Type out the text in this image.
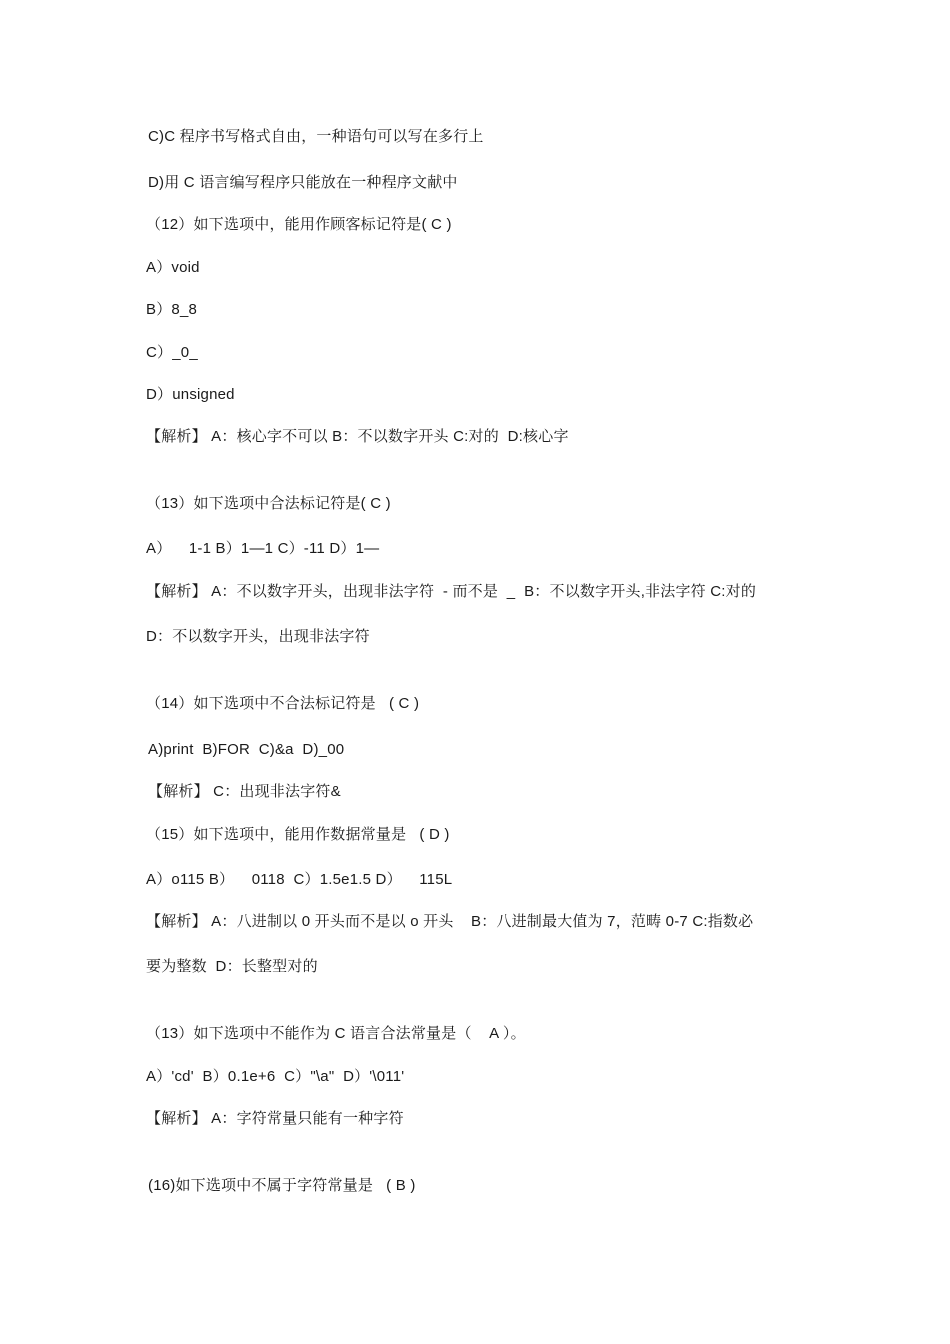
C)C 程序书写格式自由，一种语句可以写在多行上
D)用 C 语言编写程序只能放在一种程序文献中
（12）如下选项中，能用作顾客标记符是( C )
A）void
B）8_8
C）_0_
D）unsigned
【解析】 A：核心字不可以 B：不以数字开头 C:对的  D:核心字
（13）如下选项中合法标记符是( C )
A）    1-1 B）1—1 C）-11 D）1—
【解析】 A：不以数字开头，出现非法字符  - 而不是  _  B：不以数字开头,非法字符 C:对的
D：不以数字开头，出现非法字符
（14）如下选项中不合法标记符是   ( C )
A)print  B)FOR  C)&a  D)_00
【解析】 C：出现非法字符&
（15）如下选项中，能用作数据常量是   ( D )
A）o115 B）    0118  C）1.5e1.5 D）    115L
【解析】 A：八进制以 0 开头而不是以 o 开头    B：八进制最大值为 7，范畴 0-7 C:指数必
要为整数  D：长整型对的
（13）如下选项中不能作为 C 语言合法常量是（    A ）。
A）'cd'  B）0.1e+6  C）"\a"  D）'\011'
【解析】 A：字符常量只能有一种字符
(16)如下选项中不属于字符常量是   ( B )
